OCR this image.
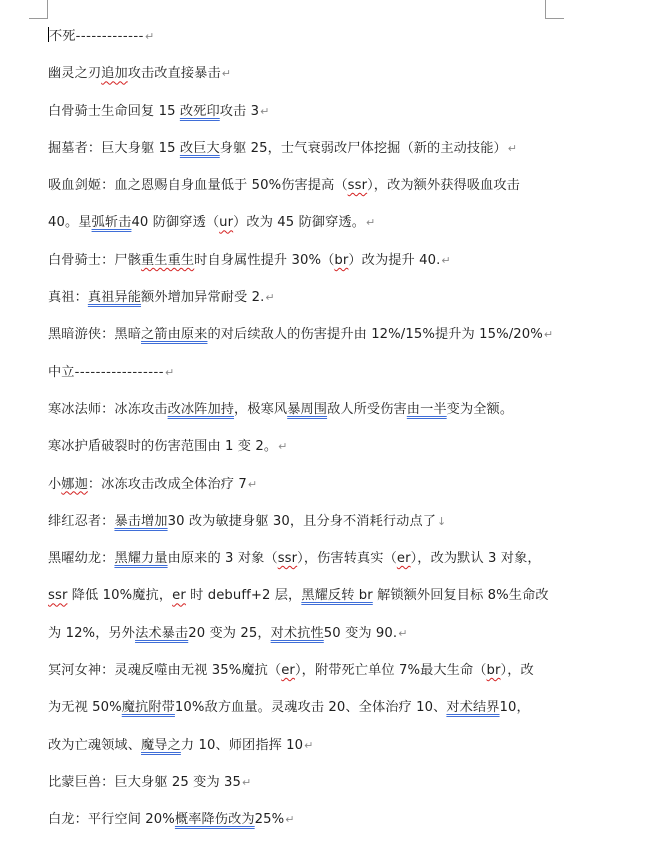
不死-------------↵
幽灵之刃追加攻击改直接暴击↵
白骨骑士生命回复 15 改死印攻击 3↵
掘墓者：巨大身躯 15 改巨大身躯 25，士气衰弱改尸体挖掘（新的主动技能）↵
吸血剑姬：血之恩赐自身血量低于 50%伤害提高（ssr），改为额外获得吸血攻击
40。星弧斩击40 防御穿透（ur）改为 45 防御穿透。↵
白骨骑士：尸骸重生重生时自身属性提升 30%（br）改为提升 40.↵
真祖：真祖异能额外增加异常耐受 2.↵
黑暗游侠：黑暗之箭由原来的对后续敌人的伤害提升由 12%/15%提升为 15%/20%↵
中立-----------------↵
寒冰法师：冰冻攻击改冰阵加持，极寒风暴周围敌人所受伤害由一半变为全额。
寒冰护盾破裂时的伤害范围由 1 变 2。↵
小娜迦：冰冻攻击改成全体治疗 7↵
绯红忍者：暴击增加30 改为敏捷身躯 30，且分身不消耗行动点了↓
黑曜幼龙：黑耀力量由原来的 3 对象（ssr），伤害转真实（er），改为默认 3 对象，
ssr 降低 10%魔抗，er 时 debuff+2 层，黑耀反转 br 解锁额外回复目标 8%生命改
为 12%，另外法术暴击20 变为 25，对术抗性50 变为 90.↵
冥河女神：灵魂反噬由无视 35%魔抗（er），附带死亡单位 7%最大生命（br），改
为无视 50%魔抗附带10%敌方血量。灵魂攻击 20、全体治疗 10、对术结界10，
改为亡魂领域、魔导之力 10、师团指挥 10↵
比蒙巨兽：巨大身躯 25 变为 35↵
白龙：平行空间 20%概率降伤改为25%↵
